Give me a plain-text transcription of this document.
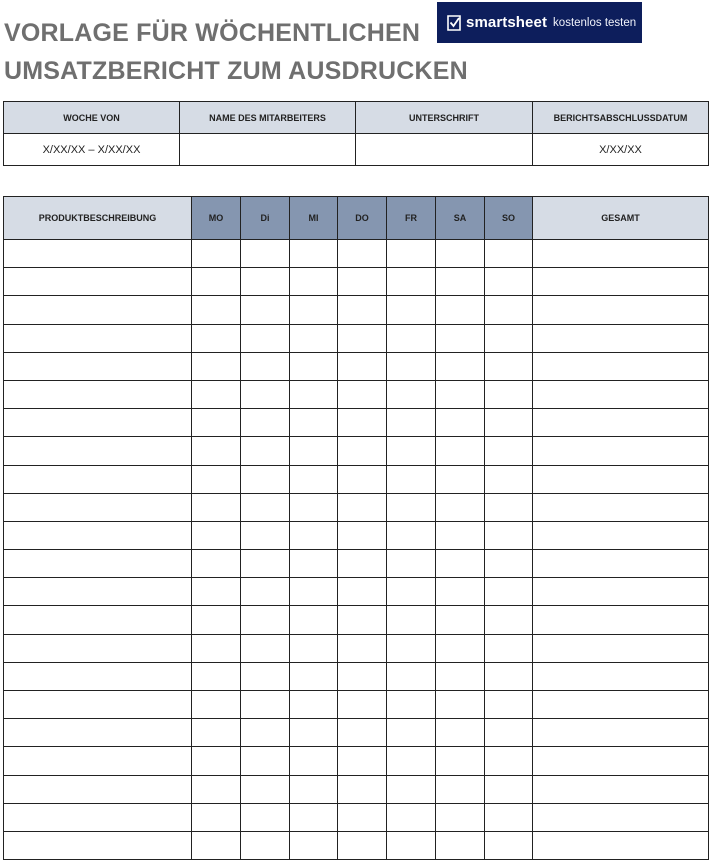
VORLAGE FÜR WÖCHENTLICHEN
UMSATZBERICHT ZUM AUSDRUCKEN
smartsheet kostenlos testen
WOCHE VON	NAME DES MITARBEITERS	UNTERSCHRIFT	BERICHTSABSCHLUSSDATUM
X/XX/XX – X/XX/XX			X/XX/XX
PRODUKTBESCHREIBUNG	MO	Di	MI	DO	FR	SA	SO	GESAMT
